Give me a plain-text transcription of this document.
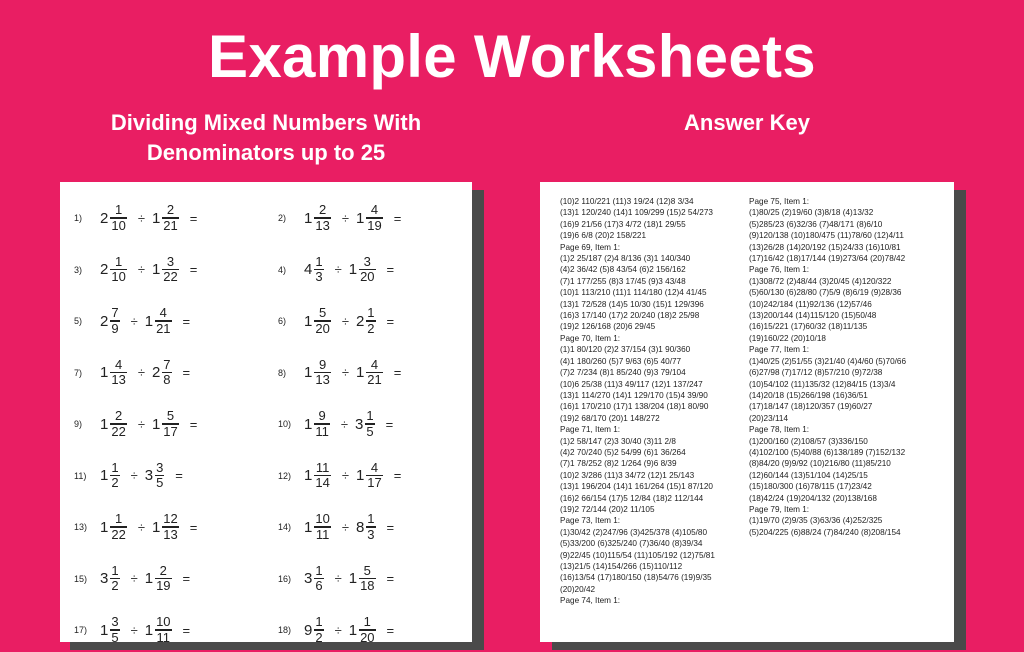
Example Worksheets
Dividing Mixed Numbers With
Denominators up to 25
Answer Key
1)	$2 \frac{1}{10} \div 1 \frac{2}{21}$ =	2)	$1 \frac{2}{13} \div 1 \frac{4}{19}$ =
3)	$2 \frac{1}{10} \div 1 \frac{3}{22}$ =	4)	$4 \frac{1}{3} \div 1 \frac{3}{20}$ =
5)	$2 \frac{7}{9} \div 1 \frac{4}{21}$ =	6)	$1 \frac{5}{20} \div 2 \frac{1}{2}$ =
7)	$1 \frac{4}{13} \div 2 \frac{7}{8}$ =	8)	$1 \frac{9}{13} \div 1 \frac{4}{21}$ =
9)	$1 \frac{2}{22} \div 1 \frac{5}{17}$ =	10) $1 \frac{9}{11} \div 3 \frac{1}{5}$ =
11) $1 \frac{1}{2} \div 3 \frac{3}{5}$ =	12) $1 \frac{11}{14} \div 1 \frac{4}{17}$ =
13) $1 \frac{1}{22} \div 1 \frac{12}{13}$ =	14) $1 \frac{10}{11} \div 8 \frac{1}{3}$ =
15) $3 \frac{1}{2} \div 1 \frac{2}{19}$ =	16) $3 \frac{1}{6} \div 1 \frac{5}{18}$ =
17) $1 \frac{3}{5} \div 1 \frac{10}{11}$ =	18) $9 \frac{1}{2} \div 1 \frac{1}{20}$ =
(10)2 110/221 (11)3 19/24 (12)8 3/34
(13)1 120/240 (14)1 109/299 (15)2 54/273
(16)9 21/56 (17)3 4/72 (18)1 29/55
(19)6 6/8 (20)2 158/221
Page 69, Item 1:
(1)2 25/187 (2)4 8/136 (3)1 140/340
(4)2 36/42 (5)8 43/54 (6)2 156/162
(7)1 177/255 (8)3 17/45 (9)3 43/48
(10)1 113/210 (11)1 114/180 (12)4 41/45
(13)1 72/528 (14)5 10/30 (15)1 129/396
(16)3 17/140 (17)2 20/240 (18)2 25/98
(19)2 126/168 (20)6 29/45
Page 70, Item 1:
(1)1 80/120 (2)2 37/154 (3)1 90/360
(4)1 180/260 (5)7 9/63 (6)5 40/77
(7)2 7/234 (8)1 85/240 (9)3 79/104
(10)6 25/38 (11)3 49/117 (12)1 137/247
(13)1 114/270 (14)1 129/170 (15)4 39/90
(16)1 170/210 (17)1 138/204 (18)1 80/90
(19)2 68/170 (20)1 148/272
Page 71, Item 1:
(1)2 58/147 (2)3 30/40 (3)11 2/8
(4)2 70/240 (5)2 54/99 (6)1 36/264
(7)1 78/252 (8)2 1/264 (9)6 8/39
(10)2 3/286 (11)3 34/72 (12)1 25/143
(13)1 196/204 (14)1 161/264 (15)1 87/120
(16)2 66/154 (17)5 12/84 (18)2 112/144
(19)2 72/144 (20)2 11/105
Page 73, Item 1:
(1)30/42 (2)247/96 (3)425/378 (4)105/80
(5)33/200 (6)325/240 (7)36/40 (8)39/34
(9)22/45 (10)115/54 (11)105/192 (12)75/81
(13)21/5 (14)154/266 (15)110/112
(16)13/54 (17)180/150 (18)54/76 (19)9/35
(20)20/42
Page 74, Item 1:
Page 75, Item 1:
(1)80/25 (2)19/60 (3)8/18 (4)13/32
(5)285/23 (6)32/36 (7)48/171 (8)6/10
(9)120/138 (10)180/475 (11)78/60 (12)4/11
(13)26/28 (14)20/192 (15)24/33 (16)10/81
(17)16/42 (18)17/144 (19)273/64 (20)78/42
Page 76, Item 1:
(1)308/72 (2)48/44 (3)20/45 (4)120/322
(5)60/130 (6)28/80 (7)5/9 (8)6/19 (9)28/36
(10)242/184 (11)92/136 (12)57/46
(13)200/144 (14)115/120 (15)50/48
(16)15/221 (17)60/32 (18)11/135
(19)160/22 (20)10/18
Page 77, Item 1:
(1)40/25 (2)51/55 (3)21/40 (4)4/60 (5)70/66
(6)27/98 (7)17/12 (8)57/210 (9)72/38
(10)54/102 (11)135/32 (12)84/15 (13)3/4
(14)20/18 (15)266/198 (16)36/51
(17)18/147 (18)120/357 (19)60/27
(20)23/114
Page 78, Item 1:
(1)200/160 (2)108/57 (3)336/150
(4)102/100 (5)40/88 (6)138/189 (7)152/132
(8)84/20 (9)9/92 (10)216/80 (11)85/210
(12)60/144 (13)51/104 (14)25/15
(15)180/300 (16)78/115 (17)23/42
(18)42/24 (19)204/132 (20)138/168
Page 79, Item 1:
(1)19/70 (2)9/35 (3)63/36 (4)252/325
(5)204/225 (6)88/24 (7)84/240 (8)208/154
